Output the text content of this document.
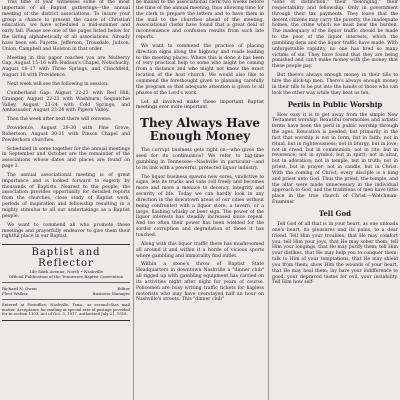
This time of year witnesses some of the most important of all Baptist gatherings—the annual meeting of the district associations. To insure your group a chance to present the cause of Christian education, we have scheduled a mid-summer and early fall. Please see one of the pages listed below for the listing alphabetically of all associations. Already have been set: Fayette, Jefferson, Trousdale, Judson, Union, Campbell and Holston in that order.

Meeting in this paper reaches you are Mulberry Gap, August 15–16 with Hudson's Chapel, Nolachucky, August 16–17 with Three Springs, and Clinchfield, August 18 with Providence.

Next week will see the following in session:

Cumberland Gap: August 22-23 with Red Hill; Grainger, August 22-23 with Washburn; Sequatchie Valley, August 23-24 with Cold Springs; and Ambassador, August 23-24 with Pigeon Valley.

Then the week after next there will convene:

Providence, August 29-30 with Pine Grove, Robertson, August 30-31 with Pinson Chapel and Powderhorn churches.

Scheduled in some together for the annual meetings in September and October are the remainder of the associations whose dates and places are found on page 3.

The annual associational meeting is of great importance and is looked forward to eagerly by thousands of Baptists. Nearest to the people, the association provides opportunity for detailed reports from the churches, close study of Baptist work, periods of inspiration and fellowship resulting in a mighty stimulus to all our undertakings as a Baptist people.

We want to commend all who promote these meetings and prayerfully endeavor to give them their rightful place in our Baptist

Baptist and Reflector
149 Sixth Avenue, North • Nashville
Official Publication of the Tennessee Baptist Convention
Richard N. Owen	Editor
Fleet Walker	Business Manager
Entered at Postoffice, Nashville, Tenn., as second-class mail matter. Acceptance for mailing at special rate of postage provided for in section 1103, Act of Oct. 3, 1917, authorized July 21, 1918.

be mailed to the associational clerk two weeks before the time of the annual meeting, thus allowing time for the clerk to prepare the letters and to have them in the mail to the churches ahead of the meeting. Associational clerks have found that a great deal of inconvenience and confusion results from such late reports.

We want to commend the practice of placing direction signs along the highway and roads leading to the meeting places. Where this is done it has been of very practical help to some who might be coming from a distance and who might not know the exact location of the host church. We would also like to commend the forethought given to planning carefully the program so that adequate attention is given to all phases of the Lord's work.

Let all involved make these important Baptist meetings ever more important.

They Always Have Enough Money

The corrupt business gets right on—who gives the seed for its continuance? We refer to big-time gambling in Tennessee—Nashville in particular—and to its link with a powerful, protected liquor industry.

The liquor business spawns new sores, vindictive to signs, lets its trucks and vans roll freely and becomes more and more a menace to decency, integrity and security of life. Today we can hardly look in any direction in the downtown areas of our cities without being confronted with a liquor store, a tavern, or a large, flashing whisky or beer sign. The power of the liquor interests has steadily increased since repeal. And too often their power has been wielded for the sordid corruption and degradation of those it has touched.

Along with this liquor traffic there has mushroomed all around it and within it a horde of vicious sports where gambling and immorality find outlet.

Within a stone's throw of Baptist State Headquarters in downtown Nashville a "dinner club" all rigged up with gambling equipment has carried on its activities night after night for years of course. Policemen are busy writing traffic tickets for hapless motorists who may have overstayed half an hour on Nashville's streets. This "dinner club"

"sons of distinction," their "belonging," their respectability and fellowship. Only in government through their tax payments. They leave that the decent citizens may carry the poverty, the inadequate homes, the crime which we must bear the burden. The inadequacy of the liquor traffic should be made to the poor of the liquor interests, which the gambling dens and the liquor traffic have made. With unforgettable rapidity, no one has bred so many victims of sin. They have found that they are being punished and can't make money with the money that these people pay.

But there's always enough money in their tills to hire the slick-up men. There's always enough money in their tills to be put into the hands of those who can look the other way while they beat us ten.

Perils in Public Worship

How easy it is to get away from the simple New Testament worship. Beautiful ceremonies and artistic forms have been the peril in public worship through the ages. Education is needed, but primarily in the fact that worship is not in form, but in faith; not in ritual, but in righteousness; not in liturgy, but in love; not in creed, but in communion; not in rite, but in reverence; not in symbol, but in spirit; not in altar, but in adoration; not in temple, but in truth; not in priest, but in prayer; not in candle, but in Christ. With the coming of Christ, every disciple is a king and priest unto God. Thus the priest, the temple, and the altar were made unnecessary in the individual approach to God, and the traditions of men have little place in the true church of Christ.—Watchman-Examiner

Tell God

Tell God of all that is in your heart, as one unloads one's heart, its pleasures and its pains, to a dear friend. Tell Him your troubles, that He may comfort you; tell Him your joys, that He may sober them; tell Him your longings, that He may purify them; tell Him your dislikes, that He may help you to conquer them; talk to Him of your temptations, that He may shield you from them; show Him the wounds of your heart, that He may heal them; lay bare your indifference to good, your depraved tastes for evil, your instability. Tell Him how self-
